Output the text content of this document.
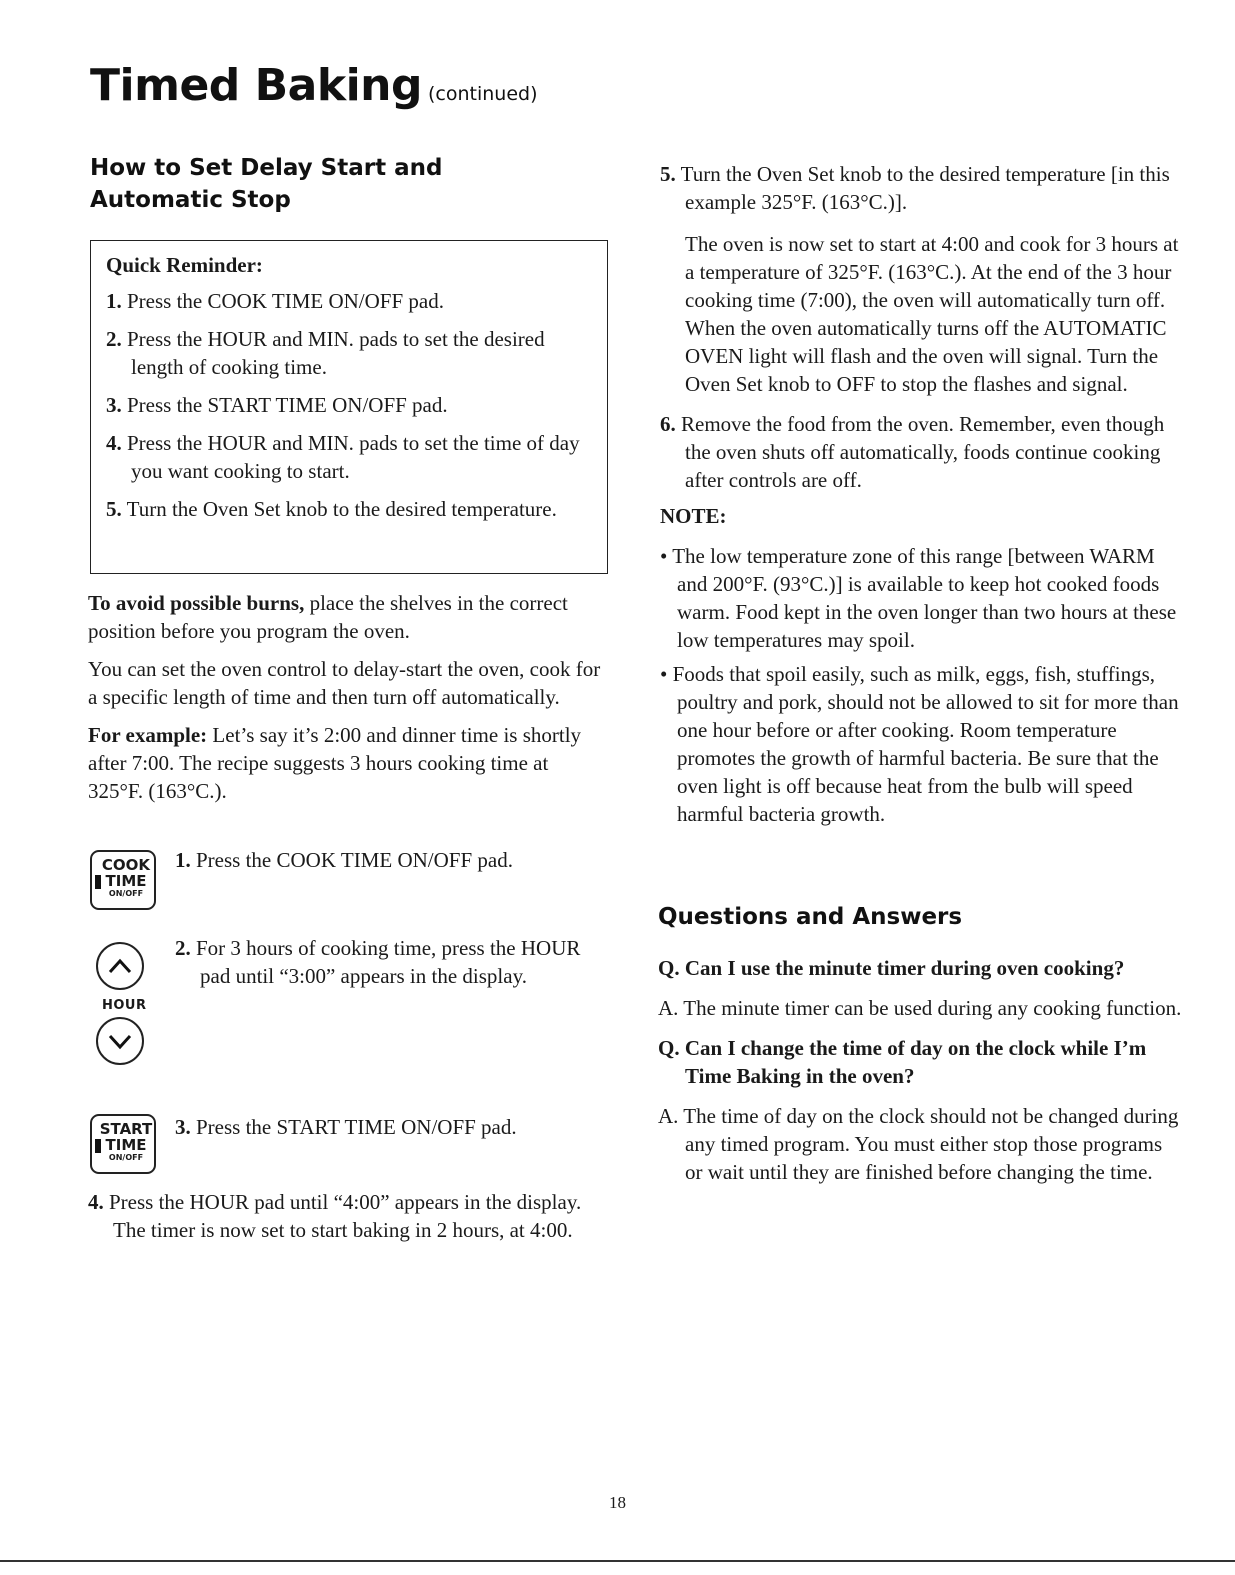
Timed Baking (continued)
How to Set Delay Start and
Automatic Stop

Quick Reminder:

1. Press the COOK TIME ON/OFF pad.

2. Press the HOUR and MIN. pads to set the desired length of cooking time.

3. Press the START TIME ON/OFF pad.

4. Press the HOUR and MIN. pads to set the time of day you want cooking to start.

5. Turn the Oven Set knob to the desired temperature.

To avoid possible burns, place the shelves in the correct position before you program the oven.

You can set the oven control to delay-start the oven, cook for a specific length of time and then turn off automatically.

For example: Let’s say it’s 2:00 and dinner time is shortly after 7:00. The recipe suggests 3 hours cooking time at 325°F. (163°C.).

COOK
TIME
ON/OFF
HOUR
START
TIME
ON/OFF

1. Press the COOK TIME ON/OFF pad.

2. For 3 hours of cooking time, press the HOUR pad until “3:00” appears in the display.

3. Press the START TIME ON/OFF pad.

4. Press the HOUR pad until “4:00” appears in the display. The timer is now set to start baking in 2 hours, at 4:00.

5. Turn the Oven Set knob to the desired temperature [in this example 325°F. (163°C.)].

The oven is now set to start at 4:00 and cook for 3 hours at a temperature of 325°F. (163°C.). At the end of the 3 hour cooking time (7:00), the oven will automatically turn off. When the oven automatically turns off the AUTOMATIC OVEN light will flash and the oven will signal. Turn the Oven Set knob to OFF to stop the flashes and signal.

6. Remove the food from the oven. Remember, even though the oven shuts off automatically, foods continue cooking after controls are off.

NOTE:

• The low temperature zone of this range [between WARM and 200°F. (93°C.)] is available to keep hot cooked foods warm. Food kept in the oven longer than two hours at these low temperatures may spoil.

• Foods that spoil easily, such as milk, eggs, fish, stuffings, poultry and pork, should not be allowed to sit for more than one hour before or after cooking. Room temperature promotes the growth of harmful bacteria. Be sure that the oven light is off because heat from the bulb will speed harmful bacteria growth.

Questions and Answers

Q. Can I use the minute timer during oven cooking?

A. The minute timer can be used during any cooking function.

Q. Can I change the time of day on the clock while I’m Time Baking in the oven?

A. The time of day on the clock should not be changed during any timed program. You must either stop those programs or wait until they are finished before changing the time.

18
